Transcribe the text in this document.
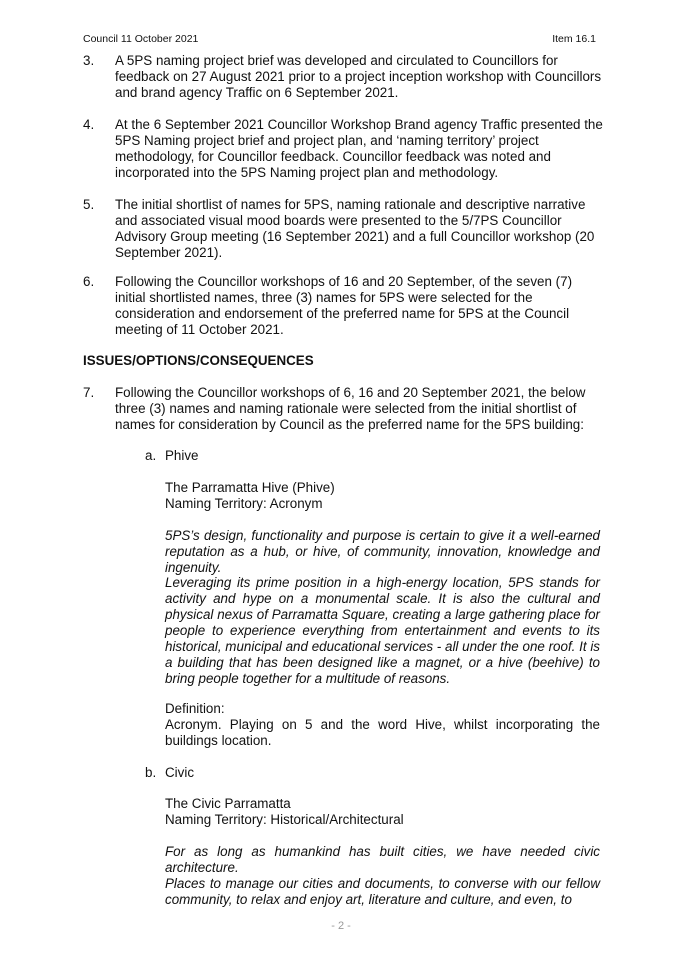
Council 11 October 2021	Item 16.1
3. A 5PS naming project brief was developed and circulated to Councillors for feedback on 27 August 2021 prior to a project inception workshop with Councillors and brand agency Traffic on 6 September 2021.
4. At the 6 September 2021 Councillor Workshop Brand agency Traffic presented the 5PS Naming project brief and project plan, and ‘naming territory’ project methodology, for Councillor feedback. Councillor feedback was noted and incorporated into the 5PS Naming project plan and methodology.
5. The initial shortlist of names for 5PS, naming rationale and descriptive narrative and associated visual mood boards were presented to the 5/7PS Councillor Advisory Group meeting (16 September 2021) and a full Councillor workshop (20 September 2021).
6. Following the Councillor workshops of 16 and 20 September, of the seven (7) initial shortlisted names, three (3) names for 5PS were selected for the consideration and endorsement of the preferred name for 5PS at the Council meeting of 11 October 2021.
ISSUES/OPTIONS/CONSEQUENCES
7. Following the Councillor workshops of 6, 16 and 20 September 2021, the below three (3) names and naming rationale were selected from the initial shortlist of names for consideration by Council as the preferred name for the 5PS building:
a. Phive
The Parramatta Hive (Phive)
Naming Territory: Acronym
5PS’s design, functionality and purpose is certain to give it a well-earned reputation as a hub, or hive, of community, innovation, knowledge and ingenuity.
Leveraging its prime position in a high-energy location, 5PS stands for activity and hype on a monumental scale. It is also the cultural and physical nexus of Parramatta Square, creating a large gathering place for people to experience everything from entertainment and events to its historical, municipal and educational services - all under the one roof. It is a building that has been designed like a magnet, or a hive (beehive) to bring people together for a multitude of reasons.
Definition:
Acronym. Playing on 5 and the word Hive, whilst incorporating the buildings location.
b. Civic
The Civic Parramatta
Naming Territory: Historical/Architectural
For as long as humankind has built cities, we have needed civic architecture.
Places to manage our cities and documents, to converse with our fellow community, to relax and enjoy art, literature and culture, and even, to
- 2 -
